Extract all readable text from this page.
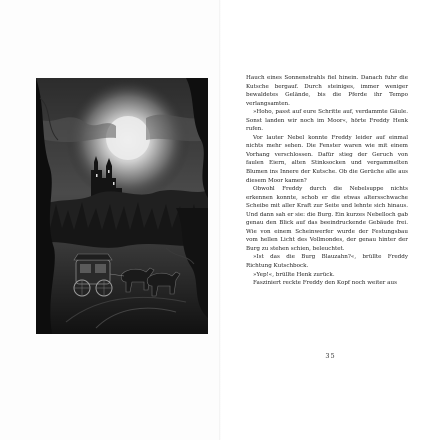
Hauch eines Sonnenstrahls fiel hinein. Danach fuhr die Kutsche bergauf. Durch steiniges, immer weniger bewaldetes Gelände, bis die Pferde ihr Tempo verlangsamten.

»Hoho, passt auf eure Schritte auf, verdammte Gäule. Sonst landen wir noch im Moor«, hörte Freddy Henk rufen.

Vor lauter Nebel konnte Freddy leider auf einmal nichts mehr sehen. Die Fenster waren wie mit einem Vorhang verschlossen. Dafür stieg der Geruch von faulen Eiern, alten Stinksocken und vergammelten Blumen ins Innere der Kutsche. Ob die Gerüche alle aus diesem Moor kamen?

Obwohl Freddy durch die Nebelsuppe nichts erkennen konnte, schob er die etwas altersschwache Scheibe mit aller Kraft zur Seite und lehnte sich hinaus. Und dann sah er sie: die Burg. Ein kurzes Nebelloch gab genau den Blick auf das beeindruckende Gebäude frei. Wie von einem Scheinwerfer wurde der Festungsbau vom hellen Licht des Vollmondes, der genau hinter der Burg zu stehen schien, beleuchtet.

»Ist das die Burg Blauzahn?«, brüllte Freddy Richtung Kutschbock.

»Yep!«, brüllte Henk zurück.

Fasziniert reckte Freddy den Kopf noch weiter aus

35
